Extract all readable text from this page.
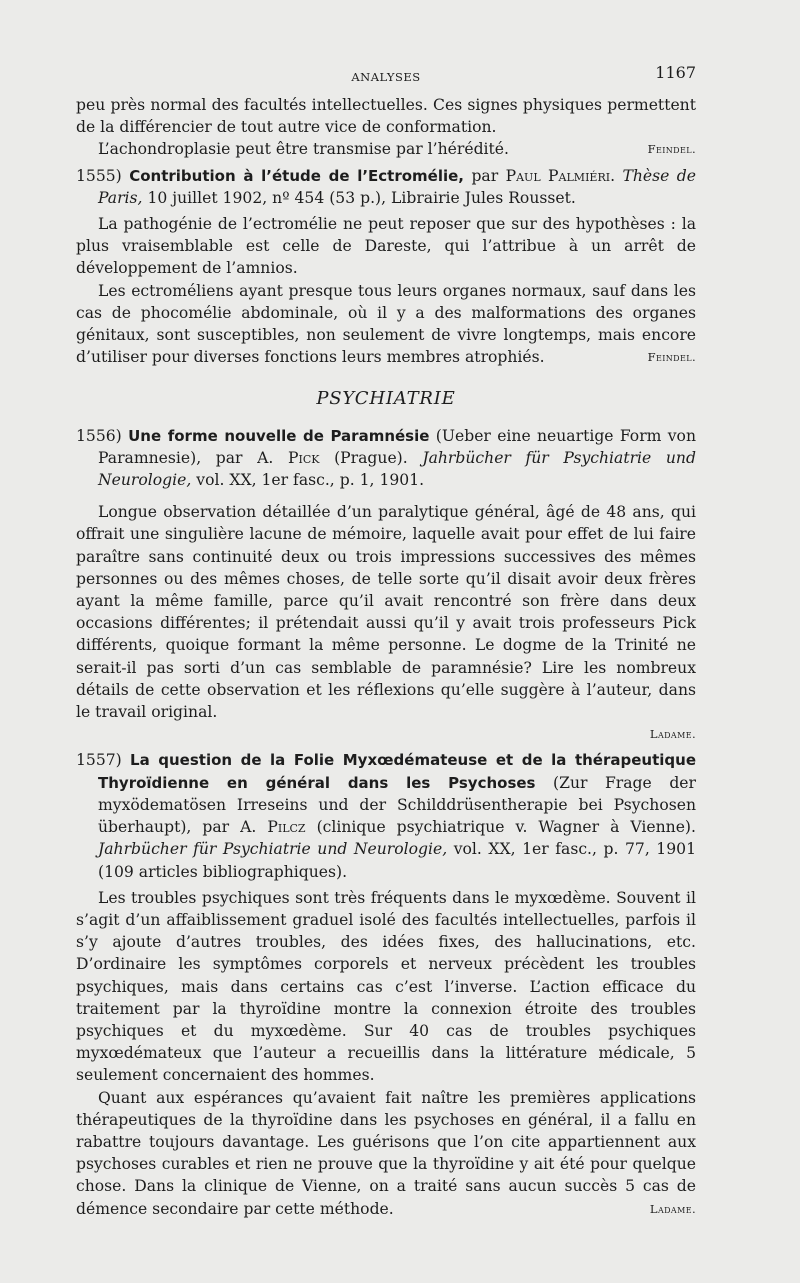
ANALYSES	1167

peu près normal des facultés intellectuelles. Ces signes physiques permettent de la différencier de tout autre vice de conformation.

L’achondroplasie peut être transmise par l’hérédité.	Feindel.

1555) Contribution à l’étude de l’Ectromélie, par Paul Palmiéri. Thèse de Paris, 10 juillet 1902, nº 454 (53 p.), Librairie Jules Rousset.

La pathogénie de l’ectromélie ne peut reposer que sur des hypothèses : la plus vraisemblable est celle de Dareste, qui l’attribue à un arrêt de développement de l’amnios.

Les ectroméliens ayant presque tous leurs organes normaux, sauf dans les cas de phocomélie abdominale, où il y a des malformations des organes génitaux, sont susceptibles, non seulement de vivre longtemps, mais encore d’utiliser pour diverses fonctions leurs membres atrophiés.	Feindel.

PSYCHIATRIE

1556) Une forme nouvelle de Paramnésie (Ueber eine neuartige Form von Paramnesie), par A. Pick (Prague). Jahrbücher für Psychiatrie und Neurologie, vol. XX, 1er fasc., p. 1, 1901.

Longue observation détaillée d’un paralytique général, âgé de 48 ans, qui offrait une singulière lacune de mémoire, laquelle avait pour effet de lui faire paraître sans continuité deux ou trois impressions successives des mêmes personnes ou des mêmes choses, de telle sorte qu’il disait avoir deux frères ayant la même famille, parce qu’il avait rencontré son frère dans deux occasions différentes; il prétendait aussi qu’il y avait trois professeurs Pick différents, quoique formant la même personne. Le dogme de la Trinité ne serait-il pas sorti d’un cas semblable de paramnésie? Lire les nombreux détails de cette observation et les réflexions qu’elle suggère à l’auteur, dans le travail original.

Ladame.

1557) La question de la Folie Myxœdémateuse et de la thérapeutique Thyroïdienne en général dans les Psychoses (Zur Frage der myxödematösen Irreseins und der Schilddrüsentherapie bei Psychosen überhaupt), par A. Pilcz (clinique psychiatrique v. Wagner à Vienne). Jahrbücher für Psychiatrie und Neurologie, vol. XX, 1er fasc., p. 77, 1901 (109 articles bibliographiques).

Les troubles psychiques sont très fréquents dans le myxœdème. Souvent il s’agit d’un affaiblissement graduel isolé des facultés intellectuelles, parfois il s’y ajoute d’autres troubles, des idées fixes, des hallucinations, etc. D’ordinaire les symptômes corporels et nerveux précèdent les troubles psychiques, mais dans certains cas c’est l’inverse. L’action efficace du traitement par la thyroïdine montre la connexion étroite des troubles psychiques et du myxœdème. Sur 40 cas de troubles psychiques myxœdémateux que l’auteur a recueillis dans la littérature médicale, 5 seulement concernaient des hommes.

Quant aux espérances qu’avaient fait naître les premières applications thérapeutiques de la thyroïdine dans les psychoses en général, il a fallu en rabattre toujours davantage. Les guérisons que l’on cite appartiennent aux psychoses curables et rien ne prouve que la thyroïdine y ait été pour quelque chose. Dans la clinique de Vienne, on a traité sans aucun succès 5 cas de démence secondaire par cette méthode.	Ladame.
